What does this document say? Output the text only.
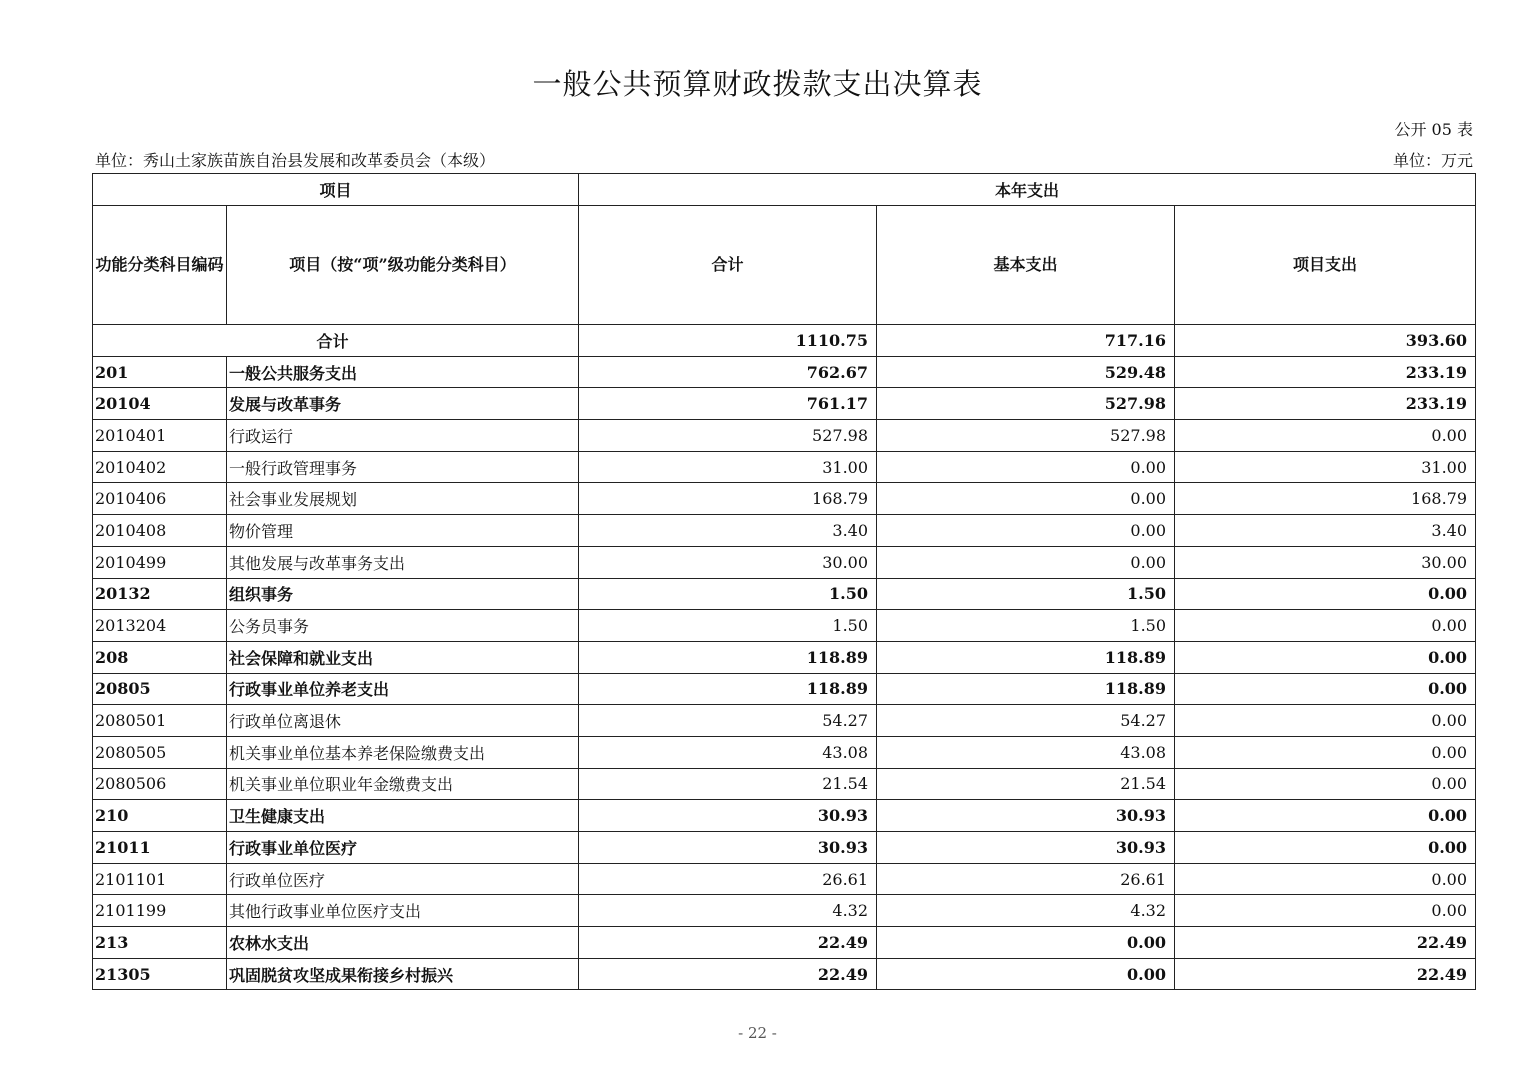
一般公共预算财政拨款支出决算表
公开 05 表
单位：秀山土家族苗族自治县发展和改革委员会（本级）	单位：万元
项目		本年支出		
功能分类科目编码	项目（按“项”级功能分类科目）	合计	基本支出	项目支出
合计		1110.75	717.16	393.60
201	一般公共服务支出	762.67	529.48	233.19
20104	发展与改革事务	761.17	527.98	233.19
2010401	行政运行	527.98	527.98	0.00
2010402	一般行政管理事务	31.00	0.00	31.00
2010406	社会事业发展规划	168.79	0.00	168.79
2010408	物价管理	3.40	0.00	3.40
2010499	其他发展与改革事务支出	30.00	0.00	30.00
20132	组织事务	1.50	1.50	0.00
2013204	公务员事务	1.50	1.50	0.00
208	社会保障和就业支出	118.89	118.89	0.00
20805	行政事业单位养老支出	118.89	118.89	0.00
2080501	行政单位离退休	54.27	54.27	0.00
2080505	机关事业单位基本养老保险缴费支出	43.08	43.08	0.00
2080506	机关事业单位职业年金缴费支出	21.54	21.54	0.00
210	卫生健康支出	30.93	30.93	0.00
21011	行政事业单位医疗	30.93	30.93	0.00
2101101	行政单位医疗	26.61	26.61	0.00
2101199	其他行政事业单位医疗支出	4.32	4.32	0.00
213	农林水支出	22.49	0.00	22.49
21305	巩固脱贫攻坚成果衔接乡村振兴	22.49	0.00	22.49
- 22 -
